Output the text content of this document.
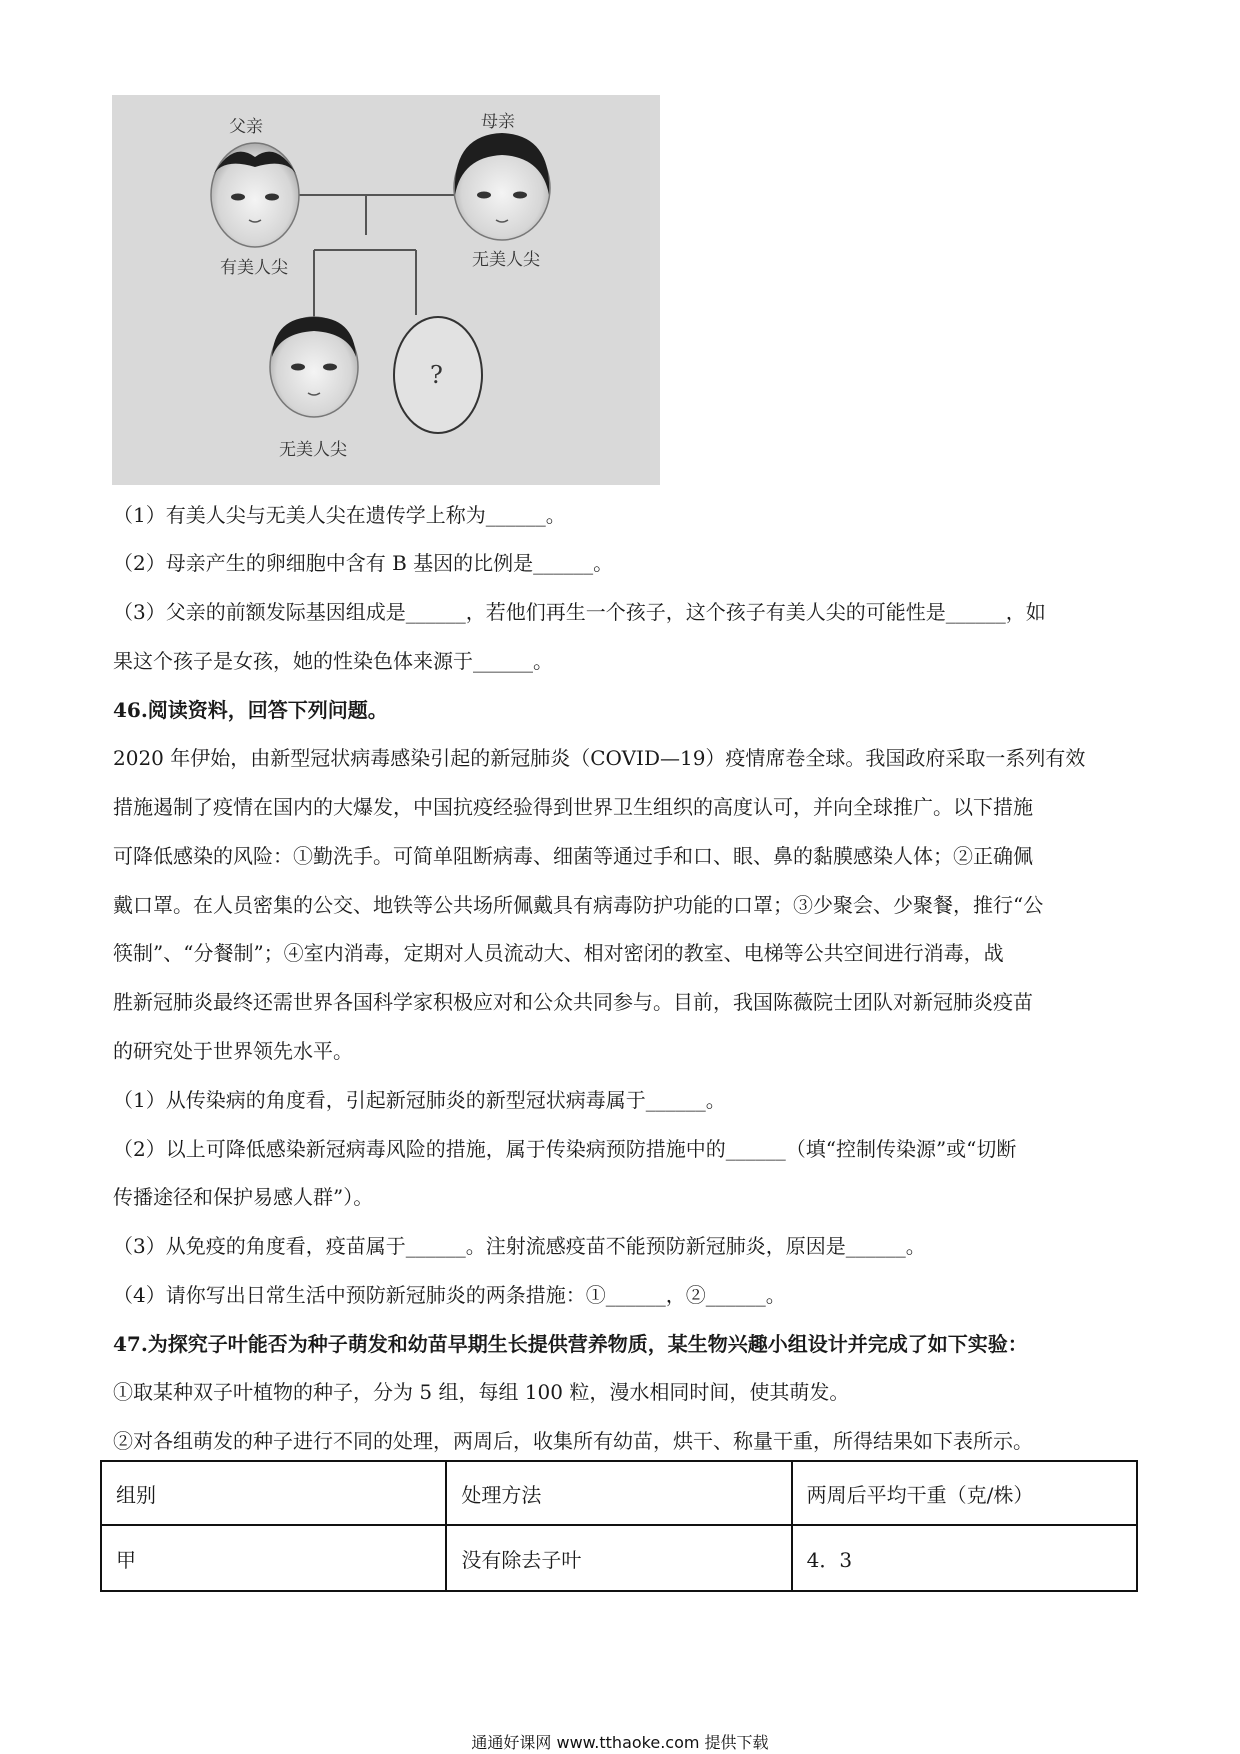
父亲	母亲
有美人尖	无美人尖
无美人尖
?

（1）有美人尖与无美人尖在遗传学上称为______。

（2）母亲产生的卵细胞中含有 B 基因的比例是______。

（3）父亲的前额发际基因组成是______，若他们再生一个孩子，这个孩子有美人尖的可能性是______，如

果这个孩子是女孩，她的性染色体来源于______。

46.阅读资料，回答下列问题。

2020 年伊始，由新型冠状病毒感染引起的新冠肺炎（COVID—19）疫情席卷全球。我国政府采取一系列有效

措施遏制了疫情在国内的大爆发，中国抗疫经验得到世界卫生组织的高度认可，并向全球推广。以下措施

可降低感染的风险：①勤洗手。可简单阻断病毒、细菌等通过手和口、眼、鼻的黏膜感染人体；②正确佩

戴口罩。在人员密集的公交、地铁等公共场所佩戴具有病毒防护功能的口罩；③少聚会、少聚餐，推行“公

筷制”、“分餐制”；④室内消毒，定期对人员流动大、相对密闭的教室、电梯等公共空间进行消毒，战

胜新冠肺炎最终还需世界各国科学家积极应对和公众共同参与。目前，我国陈薇院士团队对新冠肺炎疫苗

的研究处于世界领先水平。

（1）从传染病的角度看，引起新冠肺炎的新型冠状病毒属于______。

（2）以上可降低感染新冠病毒风险的措施，属于传染病预防措施中的______（填“控制传染源”或“切断

传播途径和保护易感人群”）。

（3）从免疫的角度看，疫苗属于______。注射流感疫苗不能预防新冠肺炎，原因是______。

（4）请你写出日常生活中预防新冠肺炎的两条措施：①______，②______。

47.为探究子叶能否为种子萌发和幼苗早期生长提供营养物质，某生物兴趣小组设计并完成了如下实验：

①取某种双子叶植物的种子，分为 5 组，每组 100 粒，漫水相同时间，使其萌发。

②对各组萌发的种子进行不同的处理，两周后，收集所有幼苗，烘干、称量干重，所得结果如下表所示。

组别	处理方法	两周后平均干重（克/株）
甲	没有除去子叶	4．3
通通好课网 www.tthaoke.com 提供下载
